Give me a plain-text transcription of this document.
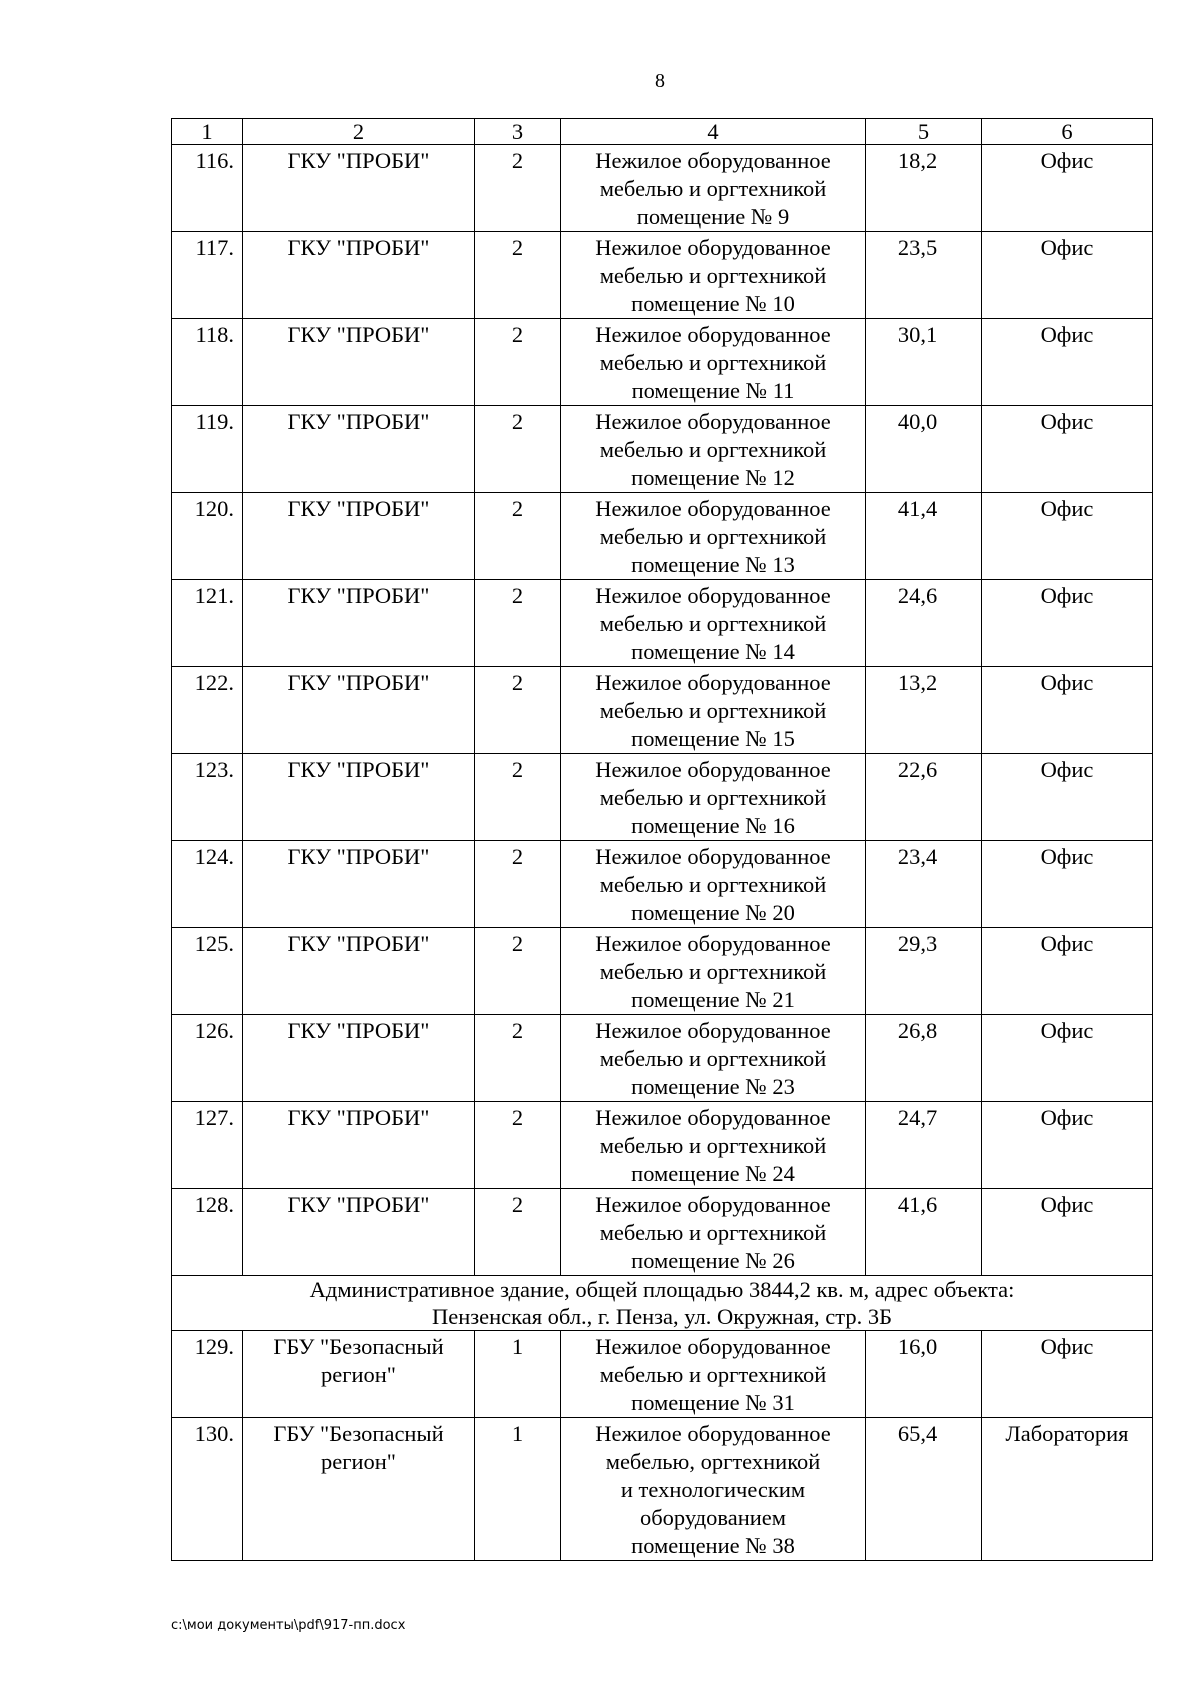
8
1	2	3	4	5	6
116.	ГКУ "ПРОБИ"	2	Нежилое оборудованное
мебелью и оргтехникой
помещение № 9	18,2	Офис
117.	ГКУ "ПРОБИ"	2	Нежилое оборудованное
мебелью и оргтехникой
помещение № 10	23,5	Офис
118.	ГКУ "ПРОБИ"	2	Нежилое оборудованное
мебелью и оргтехникой
помещение № 11	30,1	Офис
119.	ГКУ "ПРОБИ"	2	Нежилое оборудованное
мебелью и оргтехникой
помещение № 12	40,0	Офис
120.	ГКУ "ПРОБИ"	2	Нежилое оборудованное
мебелью и оргтехникой
помещение № 13	41,4	Офис
121.	ГКУ "ПРОБИ"	2	Нежилое оборудованное
мебелью и оргтехникой
помещение № 14	24,6	Офис
122.	ГКУ "ПРОБИ"	2	Нежилое оборудованное
мебелью и оргтехникой
помещение № 15	13,2	Офис
123.	ГКУ "ПРОБИ"	2	Нежилое оборудованное
мебелью и оргтехникой
помещение № 16	22,6	Офис
124.	ГКУ "ПРОБИ"	2	Нежилое оборудованное
мебелью и оргтехникой
помещение № 20	23,4	Офис
125.	ГКУ "ПРОБИ"	2	Нежилое оборудованное
мебелью и оргтехникой
помещение № 21	29,3	Офис
126.	ГКУ "ПРОБИ"	2	Нежилое оборудованное
мебелью и оргтехникой
помещение № 23	26,8	Офис
127.	ГКУ "ПРОБИ"	2	Нежилое оборудованное
мебелью и оргтехникой
помещение № 24	24,7	Офис
128.	ГКУ "ПРОБИ"	2	Нежилое оборудованное
мебелью и оргтехникой
помещение № 26	41,6	Офис

Административное здание, общей площадью 3844,2 кв. м, адрес объекта:
Пензенская обл., г. Пенза, ул. Окружная, стр. 3Б					

129.	ГБУ "Безопасный
регион"	1	Нежилое оборудованное
мебелью и оргтехникой
помещение № 31	16,0	Офис
130.	ГБУ "Безопасный
регион"	1	Нежилое оборудованное
мебелью, оргтехникой
и технологическим
оборудованием
помещение № 38	65,4	Лаборатория
c:\мои документы\pdf\917-пп.docx
